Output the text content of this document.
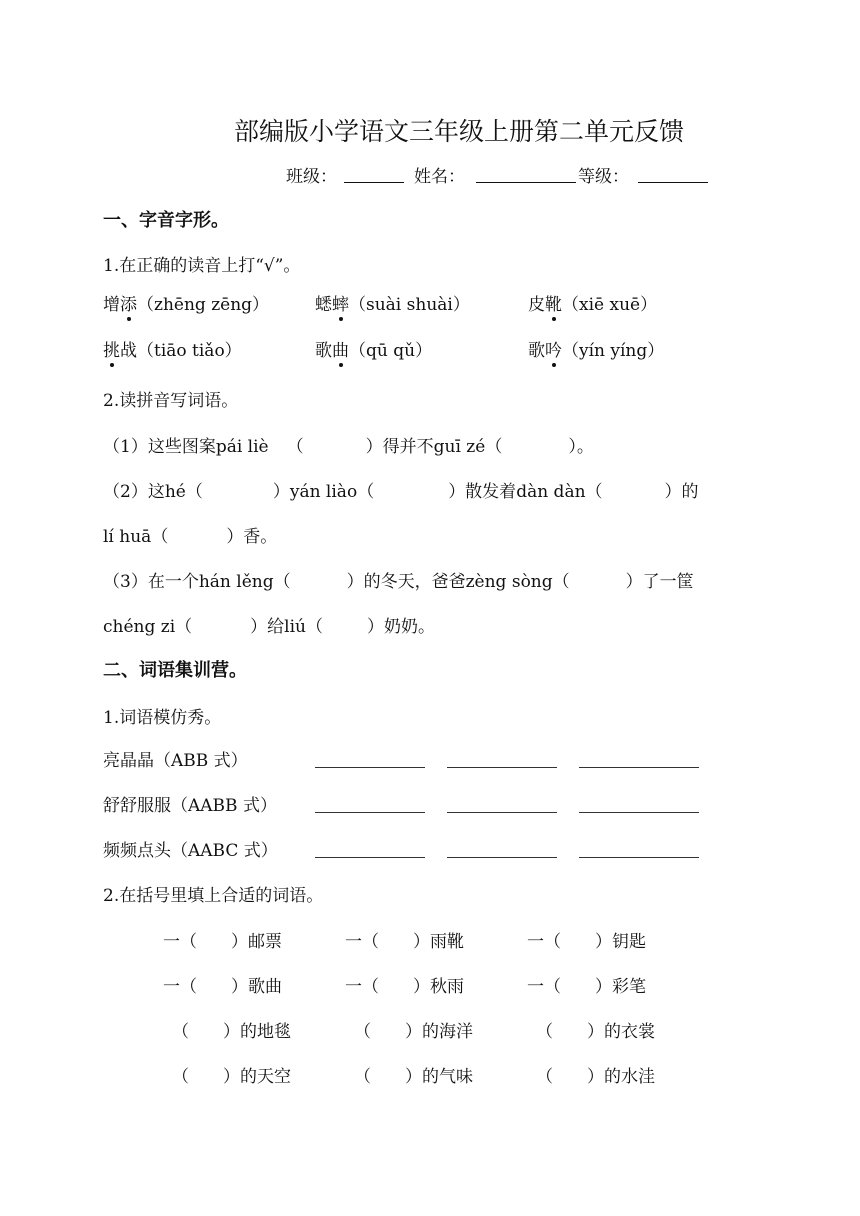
部编版小学语文三年级上册第二单元反馈
班级：	姓名：	等级：
一、字音字形。
1.在正确的读音上打“√”。
增添（zhēng zēng）	蟋蟀（suài shuài）	皮靴（xiē xuē）
挑战（tiāo tiǎo）	歌曲（qū qǔ）	歌吟（yín yíng）
2.读拼音写词语。
（1）这些图案pái liè （	）得并不guī zé（	）。
（2）这hé（	）yán liào（	）散发着dàn dàn（	）的
lí huā（	）香。
（3）在一个hán lěng（	）的冬天，爸爸zèng sòng（	）了一筐
chéng zi（	）给liú（	）奶奶。
二、词语集训营。
1.词语模仿秀。
亮晶晶（ABB 式）
舒舒服服（AABB 式）
频频点头（AABC 式）
2.在括号里填上合适的词语。
一（　　）邮票	一（　　）雨靴	一（　　）钥匙
一（　　）歌曲	一（　　）秋雨	一（　　）彩笔
（　　）的地毯	（　　）的海洋	（　　）的衣裳
（　　）的天空	（　　）的气味	（　　）的水洼
